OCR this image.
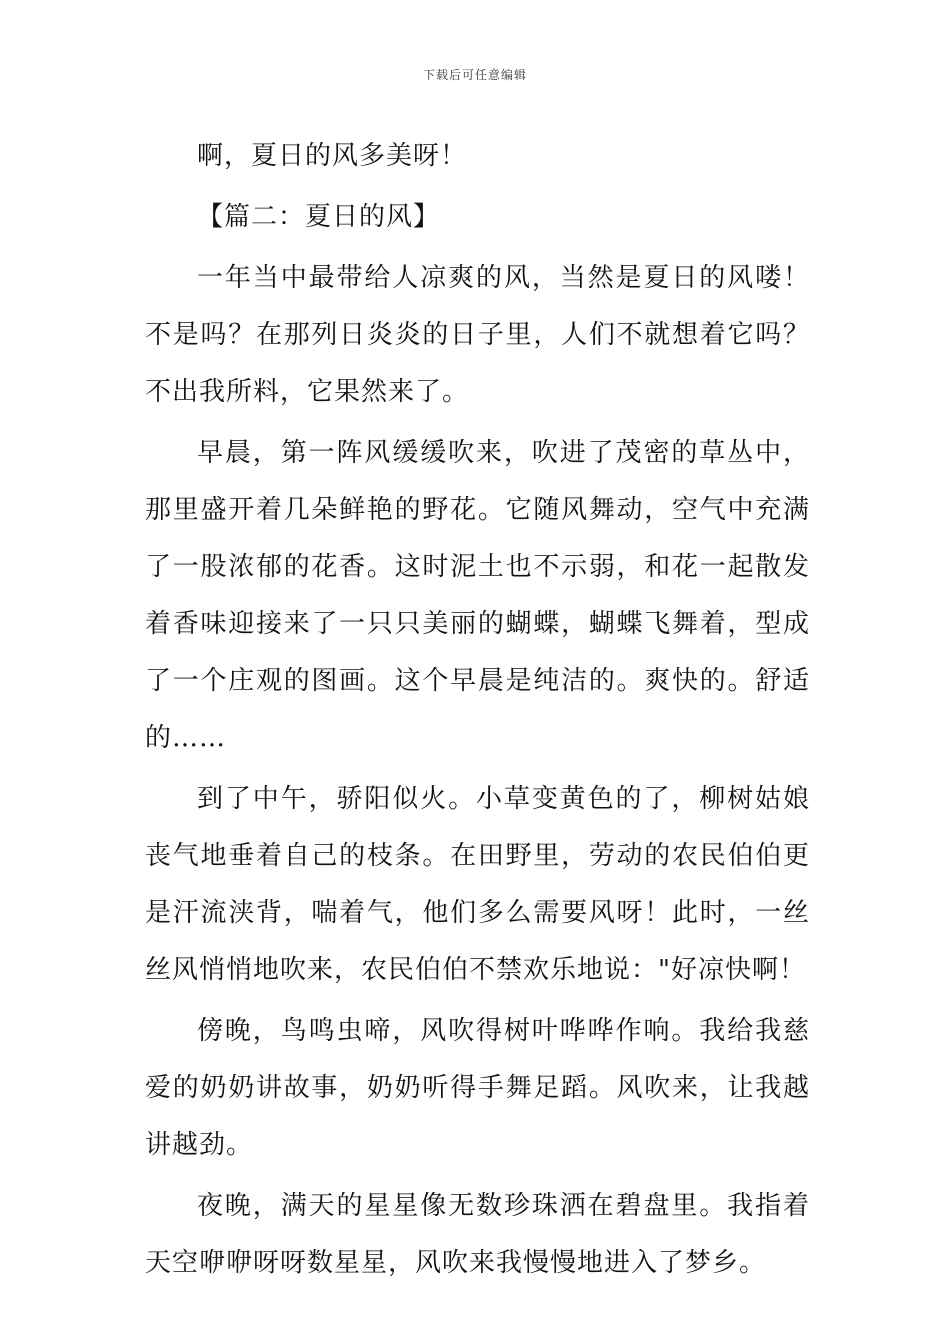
下载后可任意编辑

啊，夏日的风多美呀！

【篇二：夏日的风】

一年当中最带给人凉爽的风，当然是夏日的风喽！不是吗？在那列日炎炎的日子里，人们不就想着它吗？不出我所料，它果然来了。

早晨，第一阵风缓缓吹来，吹进了茂密的草丛中，那里盛开着几朵鲜艳的野花。它随风舞动，空气中充满了一股浓郁的花香。这时泥土也不示弱，和花一起散发着香味迎接来了一只只美丽的蝴蝶，蝴蝶飞舞着，型成了一个庄观的图画。这个早晨是纯洁的。爽快的。舒适的……

到了中午，骄阳似火。小草变黄色的了，柳树姑娘丧气地垂着自己的枝条。在田野里，劳动的农民伯伯更是汗流浃背，喘着气，他们多么需要风呀！此时，一丝丝风悄悄地吹来，农民伯伯不禁欢乐地说："好凉快啊！

傍晚，鸟鸣虫啼，风吹得树叶哗哗作响。我给我慈爱的奶奶讲故事，奶奶听得手舞足蹈。风吹来，让我越讲越劲。

夜晚，满天的星星像无数珍珠洒在碧盘里。我指着天空咿咿呀呀数星星，风吹来我慢慢地进入了梦乡。
